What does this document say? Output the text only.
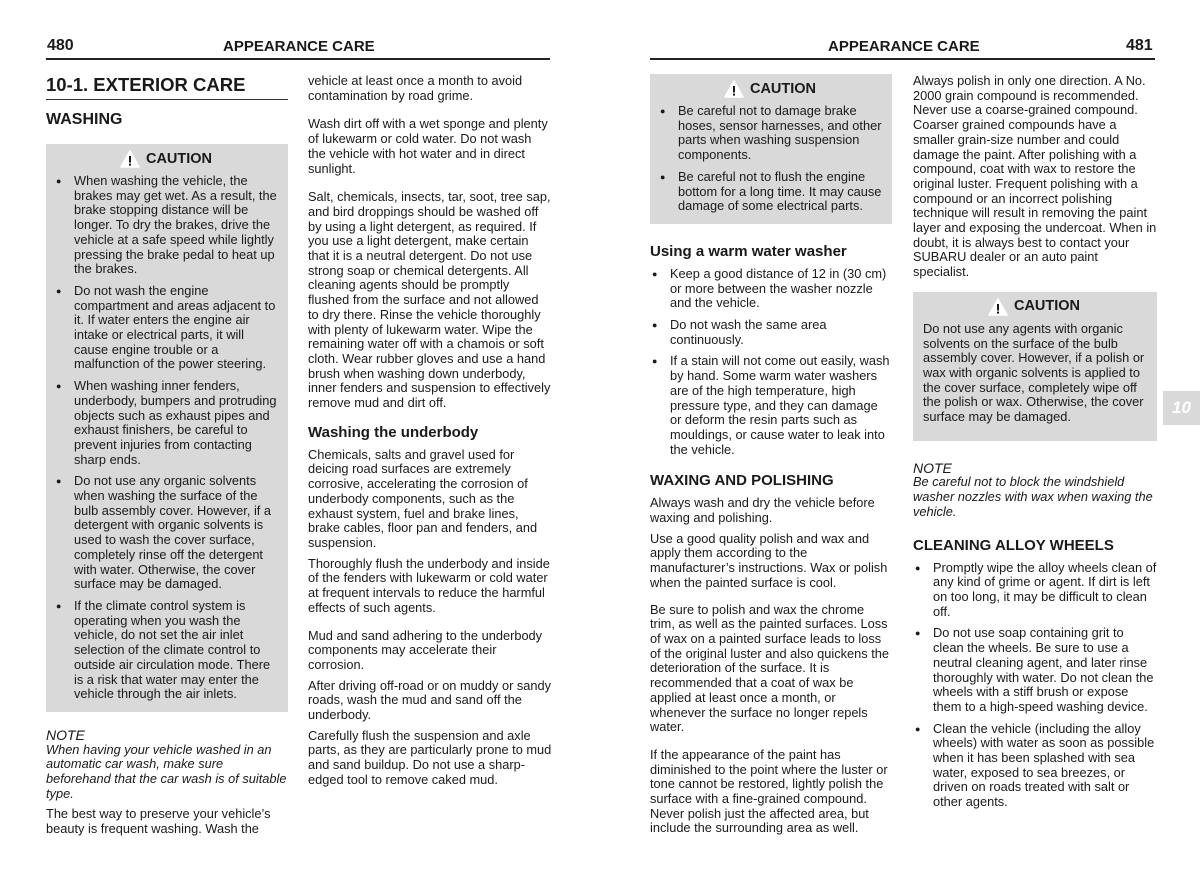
480	APPEARANCE CARE
10-1. EXTERIOR CARE
WASHING
CAUTION
● When washing the vehicle, the brakes may get wet. As a result, the brake stopping distance will be longer. To dry the brakes, drive the vehicle at a safe speed while lightly pressing the brake pedal to heat up the brakes.
● Do not wash the engine compartment and areas adjacent to it. If water enters the engine air intake or electrical parts, it will cause engine trouble or a malfunction of the power steering.
● When washing inner fenders, underbody, bumpers and protruding objects such as exhaust pipes and exhaust finishers, be careful to prevent injuries from contacting sharp ends.
● Do not use any organic solvents when washing the surface of the bulb assembly cover. However, if a detergent with organic solvents is used to wash the cover surface, completely rinse off the detergent with water. Otherwise, the cover surface may be damaged.
● If the climate control system is operating when you wash the vehicle, do not set the air inlet selection of the climate control to outside air circulation mode. There is a risk that water may enter the vehicle through the air inlets.
NOTE

When having your vehicle washed in an automatic car wash, make sure beforehand that the car wash is of suitable type.

The best way to preserve your vehicle’s beauty is frequent washing. Wash the

vehicle at least once a month to avoid contamination by road grime.

Wash dirt off with a wet sponge and plenty of lukewarm or cold water. Do not wash the vehicle with hot water and in direct sunlight.

Salt, chemicals, insects, tar, soot, tree sap, and bird droppings should be washed off by using a light detergent, as required. If you use a light detergent, make certain that it is a neutral detergent. Do not use strong soap or chemical detergents. All cleaning agents should be promptly flushed from the surface and not allowed to dry there. Rinse the vehicle thoroughly with plenty of lukewarm water. Wipe the remaining water off with a chamois or soft cloth. Wear rubber gloves and use a hand brush when washing down underbody, inner fenders and suspension to effectively remove mud and dirt off.

Washing the underbody

Chemicals, salts and gravel used for deicing road surfaces are extremely corrosive, accelerating the corrosion of underbody components, such as the exhaust system, fuel and brake lines, brake cables, floor pan and fenders, and suspension.

Thoroughly flush the underbody and inside of the fenders with lukewarm or cold water at frequent intervals to reduce the harmful effects of such agents.

Mud and sand adhering to the underbody components may accelerate their corrosion.

After driving off-road or on muddy or sandy roads, wash the mud and sand off the underbody.

Carefully flush the suspension and axle parts, as they are particularly prone to mud and sand buildup. Do not use a sharp-edged tool to remove caked mud.

APPEARANCE CARE	481
CAUTION
● Be careful not to damage brake hoses, sensor harnesses, and other parts when washing suspension components.
● Be careful not to flush the engine bottom for a long time. It may cause damage of some electrical parts.
Using a warm water washer
● Keep a good distance of 12 in (30 cm) or more between the washer nozzle and the vehicle.
● Do not wash the same area continuously.
● If a stain will not come out easily, wash by hand. Some warm water washers are of the high temperature, high pressure type, and they can damage or deform the resin parts such as mouldings, or cause water to leak into the vehicle.
WAXING AND POLISHING

Always wash and dry the vehicle before waxing and polishing.

Use a good quality polish and wax and apply them according to the manufacturer’s instructions. Wax or polish when the painted surface is cool.

Be sure to polish and wax the chrome trim, as well as the painted surfaces. Loss of wax on a painted surface leads to loss of the original luster and also quickens the deterioration of the surface. It is recommended that a coat of wax be applied at least once a month, or whenever the surface no longer repels water.

If the appearance of the paint has diminished to the point where the luster or tone cannot be restored, lightly polish the surface with a fine-grained compound. Never polish just the affected area, but include the surrounding area as well.

Always polish in only one direction. A No. 2000 grain compound is recommended. Never use a coarse-grained compound. Coarser grained compounds have a smaller grain-size number and could damage the paint. After polishing with a compound, coat with wax to restore the original luster. Frequent polishing with a compound or an incorrect polishing technique will result in removing the paint layer and exposing the undercoat. When in doubt, it is always best to contact your SUBARU dealer or an auto paint specialist.

CAUTION

Do not use any agents with organic solvents on the surface of the bulb assembly cover. However, if a polish or wax with organic solvents is applied to the cover surface, completely wipe off the polish or wax. Otherwise, the cover surface may be damaged.

NOTE

Be careful not to block the windshield washer nozzles with wax when waxing the vehicle.

CLEANING ALLOY WHEELS
● Promptly wipe the alloy wheels clean of any kind of grime or agent. If dirt is left on too long, it may be difficult to clean off.
● Do not use soap containing grit to clean the wheels. Be sure to use a neutral cleaning agent, and later rinse thoroughly with water. Do not clean the wheels with a stiff brush or expose them to a high-speed washing device.
● Clean the vehicle (including the alloy wheels) with water as soon as possible when it has been splashed with sea water, exposed to sea breezes, or driven on roads treated with salt or other agents.
10
